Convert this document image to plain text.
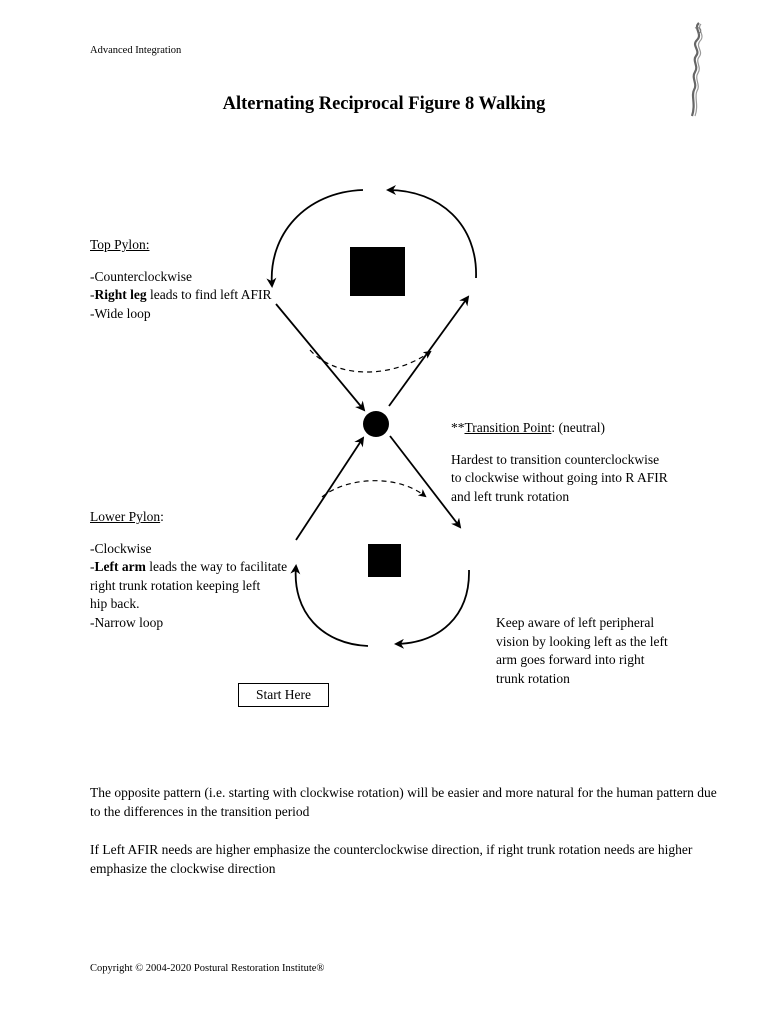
Advanced Integration
Alternating Reciprocal Figure 8 Walking

Top Pylon:

-Counterclockwise

-Right leg leads to find left AFIR

-Wide loop

**Transition Point: (neutral)

Hardest to transition counterclockwise

to clockwise without going into R AFIR

and left trunk rotation

Lower Pylon:

-Clockwise

-Left arm leads the way to facilitate

right trunk rotation keeping left

hip back.

-Narrow loop	Keep aware of left peripheral

vision by looking left as the left

arm goes forward into right

trunk rotation

Start Here
The opposite pattern (i.e. starting with clockwise rotation) will be easier and more natural for the human pattern due to the differences in the transition period
If Left AFIR needs are higher emphasize the counterclockwise direction, if right trunk rotation needs are higher emphasize the clockwise direction
Copyright © 2004-2020 Postural Restoration Institute®
